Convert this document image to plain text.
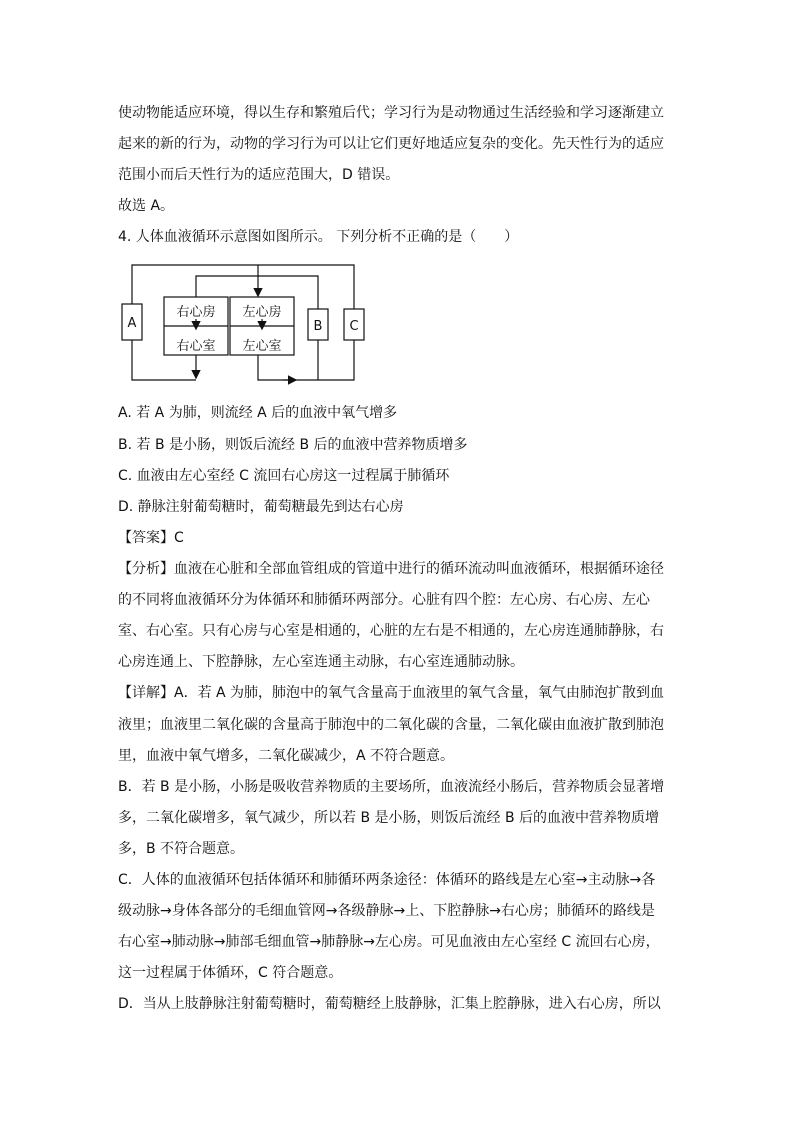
使动物能适应环境，得以生存和繁殖后代；学习行为是动物通过生活经验和学习逐渐建立
起来的新的行为，动物的学习行为可以让它们更好地适应复杂的变化。先天性行为的适应
范围小而后天性行为的适应范围大，D 错误。
故选 A。
4. 人体血液循环示意图如图所示。 下列分析不正确的是（　　）
A	B C
右心房
右心室
左心房
左心室
A. 若 A 为肺，则流经 A 后的血液中氧气增多
B. 若 B 是小肠，则饭后流经 B 后的血液中营养物质增多
C. 血液由左心室经 C 流回右心房这一过程属于肺循环
D. 静脉注射葡萄糖时，葡萄糖最先到达右心房
【答案】C
【分析】血液在心脏和全部血管组成的管道中进行的循环流动叫血液循环，根据循环途径
的不同将血液循环分为体循环和肺循环两部分。心脏有四个腔：左心房、右心房、左心
室、右心室。只有心房与心室是相通的，心脏的左右是不相通的，左心房连通肺静脉，右
心房连通上、下腔静脉，左心室连通主动脉，右心室连通肺动脉。
【详解】A．若 A 为肺，肺泡中的氧气含量高于血液里的氧气含量，氧气由肺泡扩散到血
液里；血液里二氧化碳的含量高于肺泡中的二氧化碳的含量，二氧化碳由血液扩散到肺泡
里，血液中氧气增多，二氧化碳减少，A 不符合题意。
B．若 B 是小肠，小肠是吸收营养物质的主要场所，血液流经小肠后，营养物质会显著增
多，二氧化碳增多，氧气减少，所以若 B 是小肠，则饭后流经 B 后的血液中营养物质增
多，B 不符合题意。
C．人体的血液循环包括体循环和肺循环两条途径：体循环的路线是左心室→主动脉→各
级动脉→身体各部分的毛细血管网→各级静脉→上、下腔静脉→右心房；肺循环的路线是
右心室→肺动脉→肺部毛细血管→肺静脉→左心房。可见血液由左心室经 C 流回右心房，
这一过程属于体循环，C 符合题意。
D．当从上肢静脉注射葡萄糖时，葡萄糖经上肢静脉，汇集上腔静脉，进入右心房，所以
